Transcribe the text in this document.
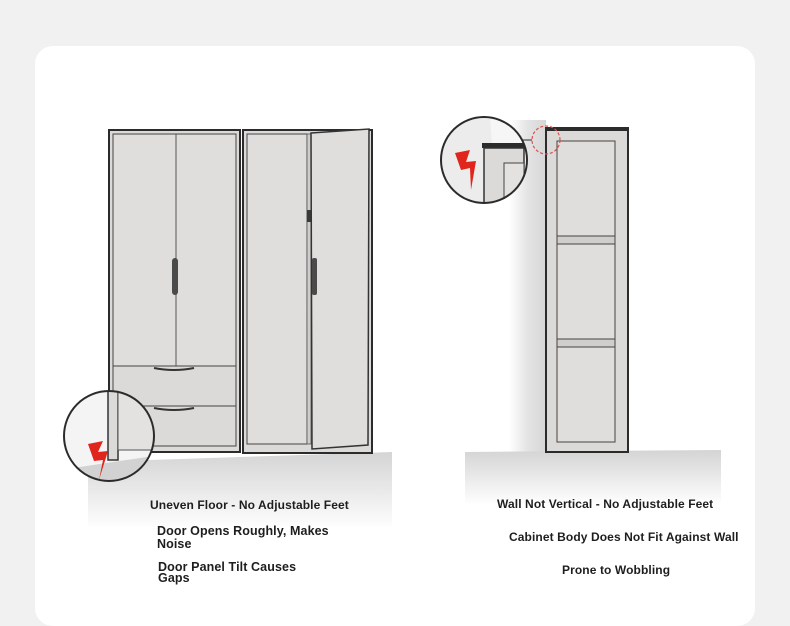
Uneven Floor - No Adjustable Feet
Door Opens Roughly, Makes Noise
Door Panel Tilt Causes Gaps
Wall Not Vertical - No Adjustable Feet
Cabinet Body Does Not Fit Against Wall
Prone to Wobbling
